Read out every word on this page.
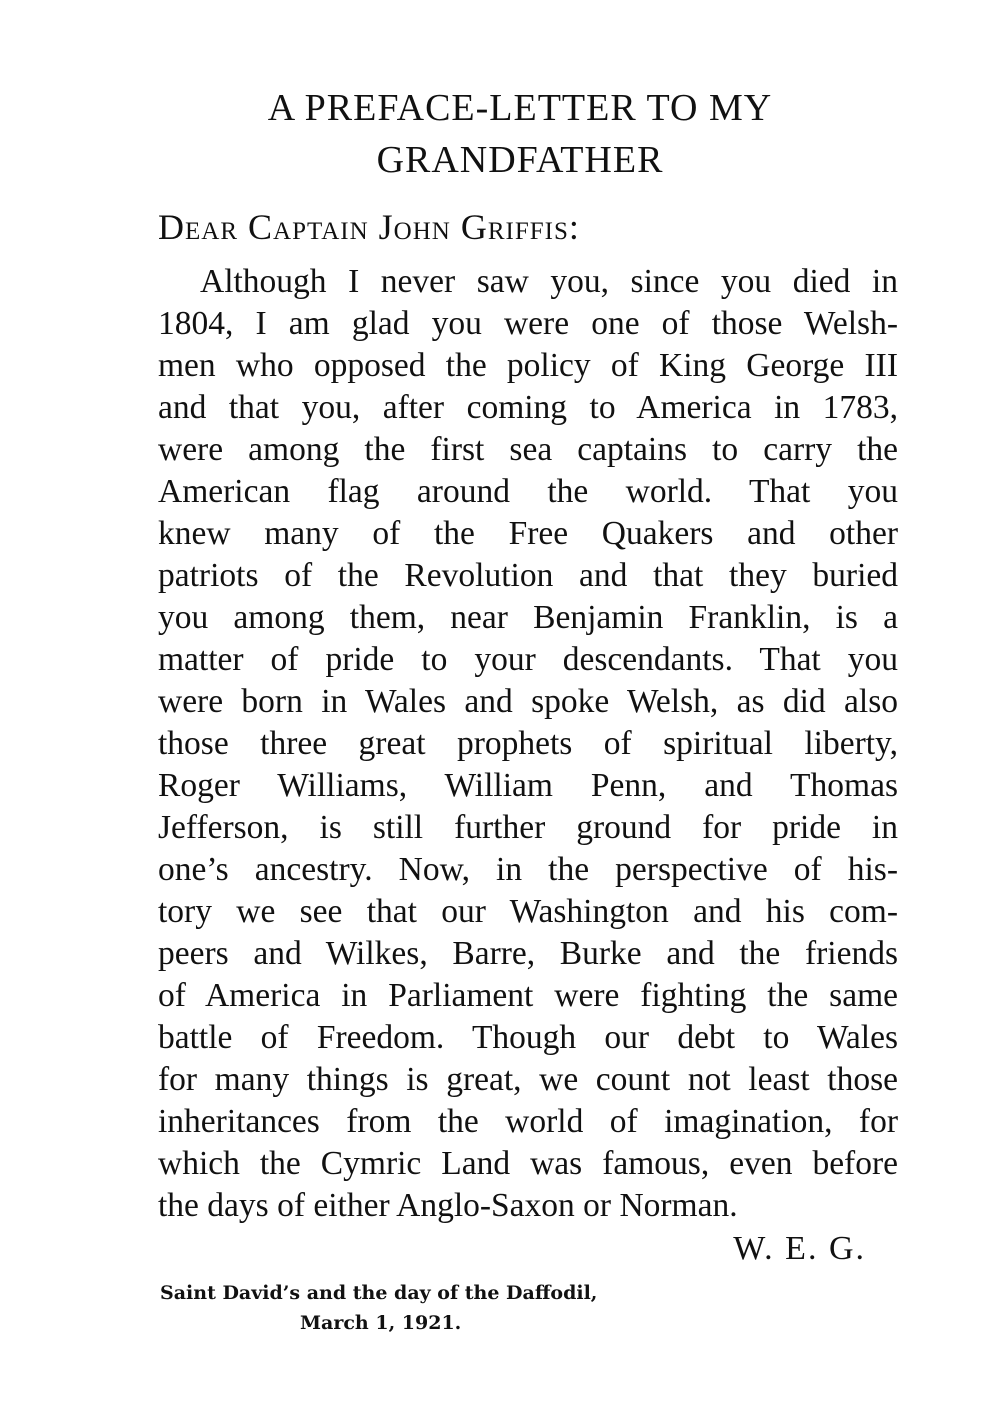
A PREFACE-LETTER TO MY
GRANDFATHER

Dear Captain John Griffis:

Although I never saw you, since you died in
1804, I am glad you were one of those Welsh-
men who opposed the policy of King George III
and that you, after coming to America in 1783,
were among the first sea captains to carry the
American flag around the world. That you
knew many of the Free Quakers and other
patriots of the Revolution and that they buried
you among them, near Benjamin Franklin, is a
matter of pride to your descendants. That you
were born in Wales and spoke Welsh, as did also
those three great prophets of spiritual liberty,
Roger Williams, William Penn, and Thomas
Jefferson, is still further ground for pride in
one’s ancestry. Now, in the perspective of his-
tory we see that our Washington and his com-
peers and Wilkes, Barre, Burke and the friends
of America in Parliament were fighting the same
battle of Freedom. Though our debt to Wales
for many things is great, we count not least those
inheritances from the world of imagination, for
which the Cymric Land was famous, even before
the days of either Anglo-Saxon or Norman.
W. E. G.
Saint David’s and the day of the Daffodil,
March 1, 1921.
